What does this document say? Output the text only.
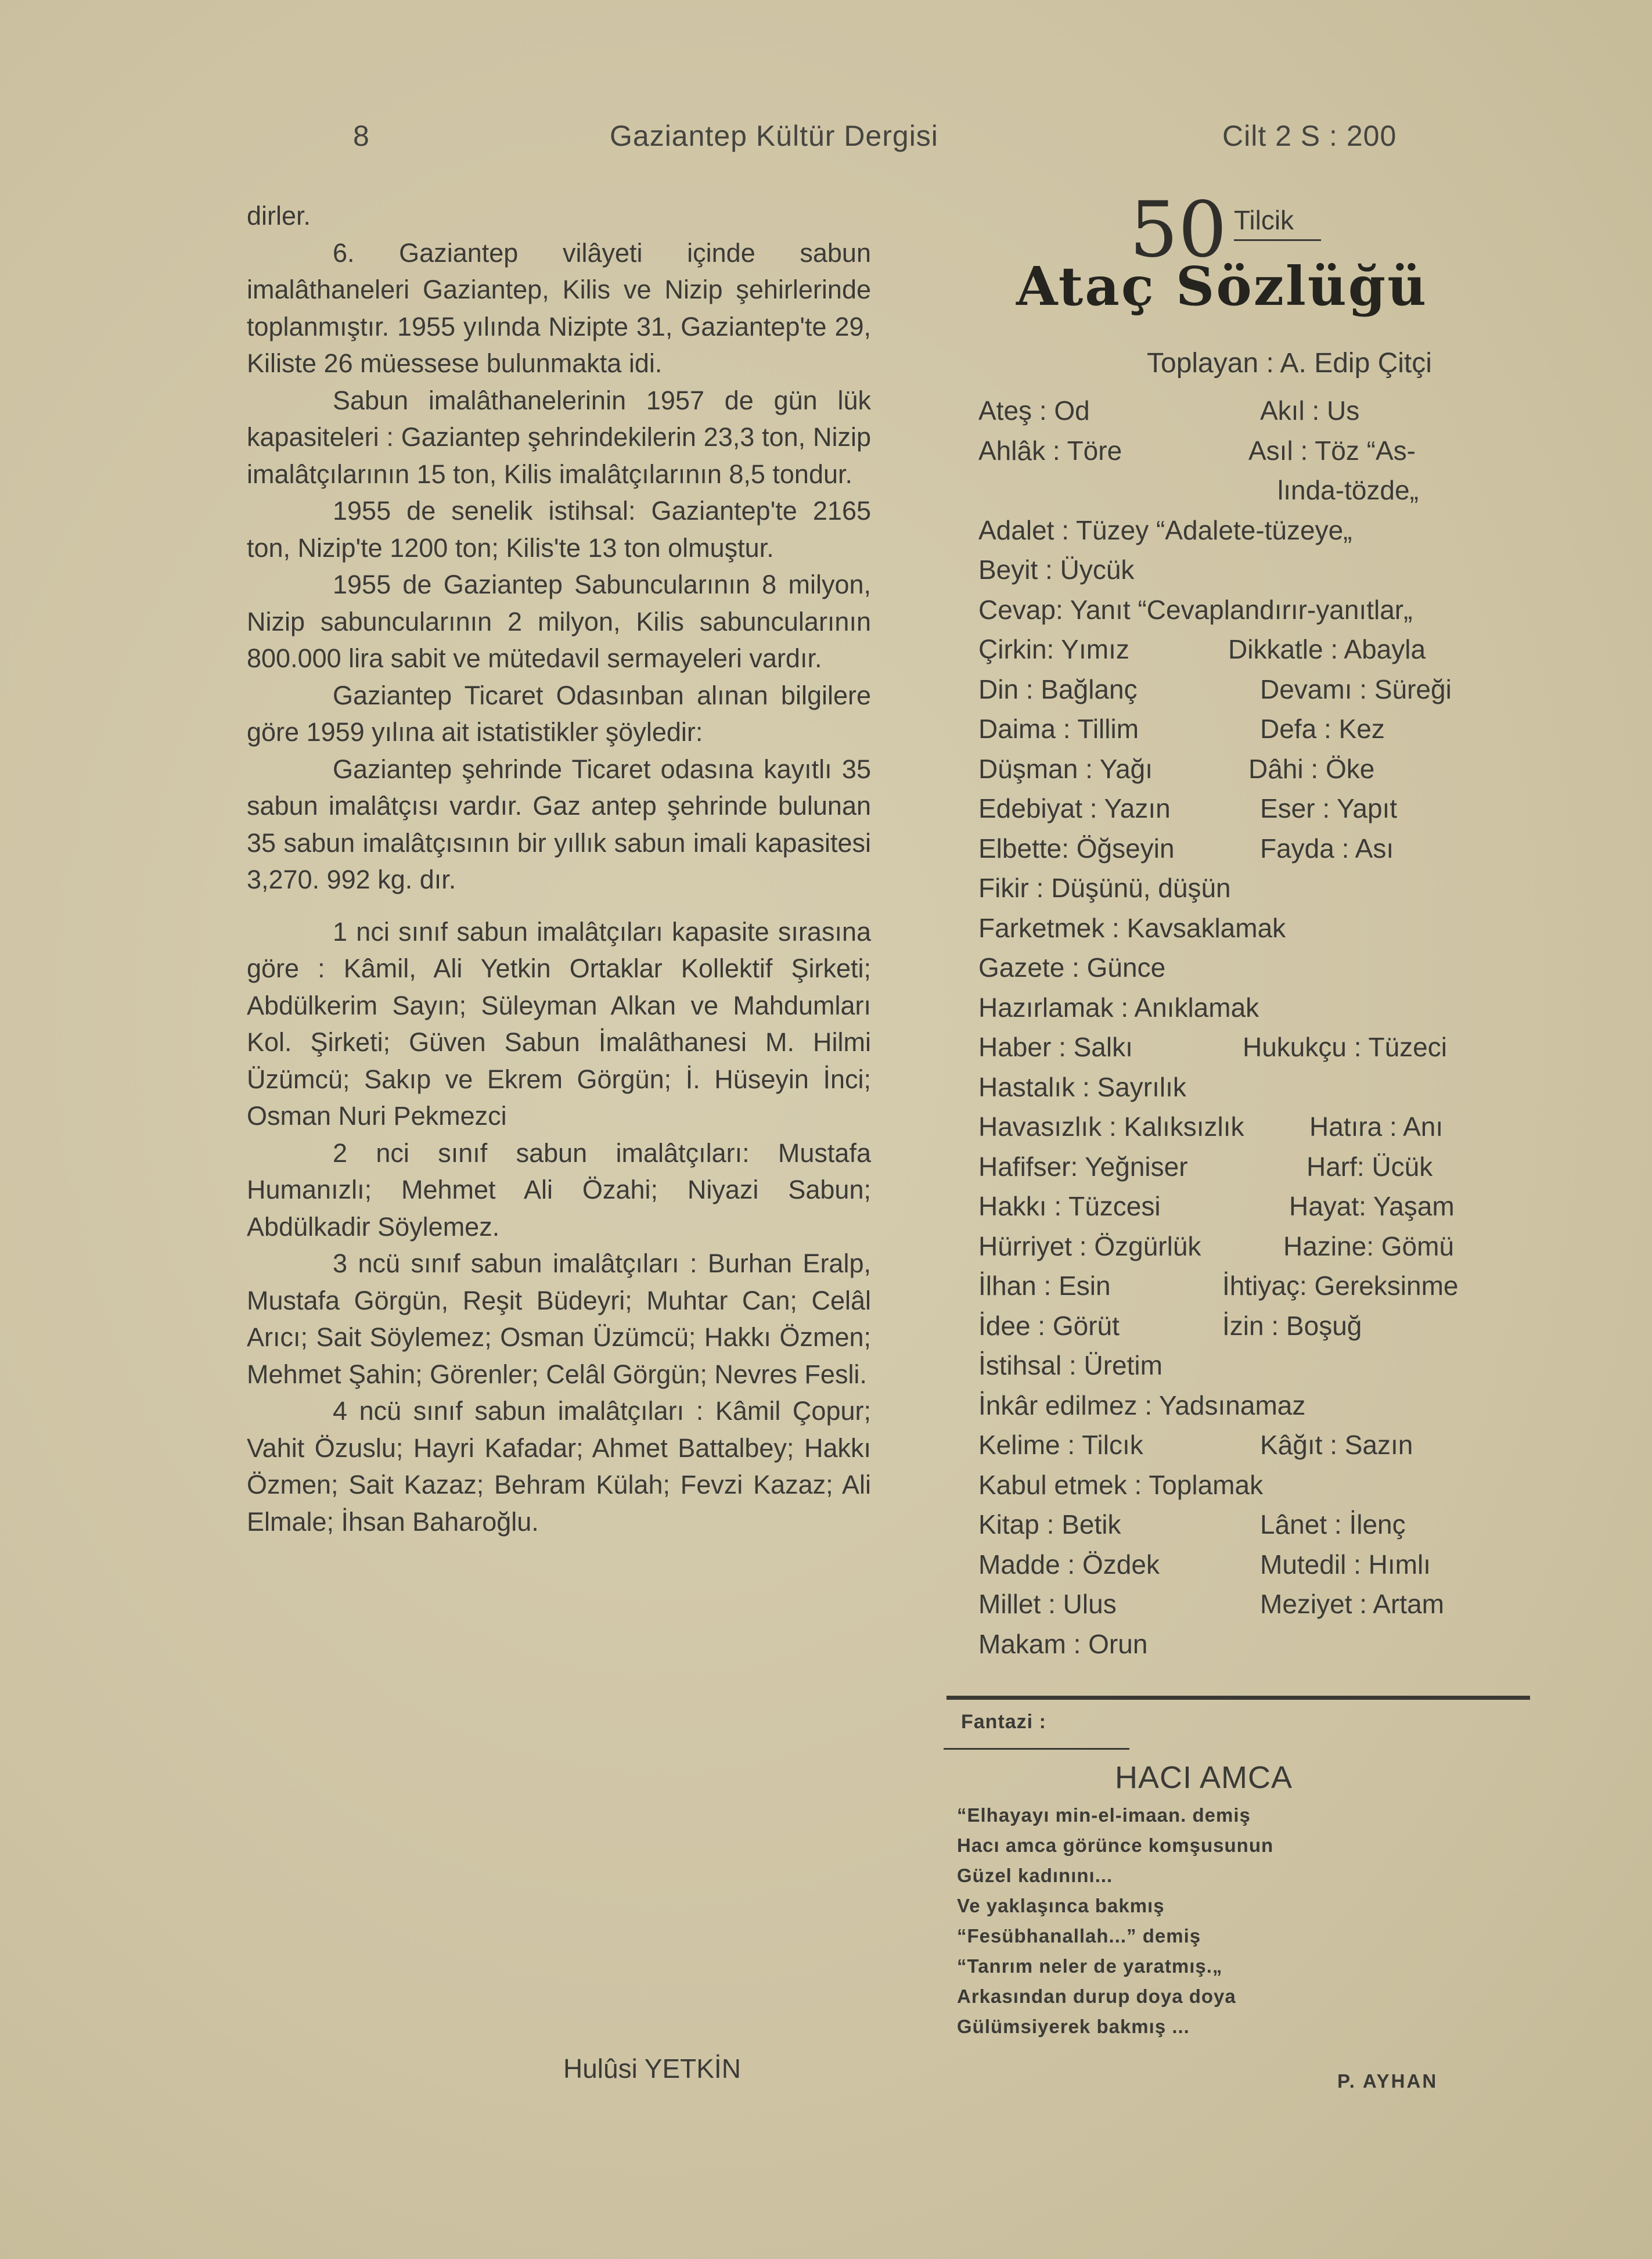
8	Gaziantep Kültür Dergisi	Cilt 2 S : 200

dirler.

6. Gaziantep vilâyeti içinde sabun imalâthaneleri Gaziantep, Kilis ve Nizip şehirlerinde toplanmıştır. 1955 yılında Nizipte 31, Gaziantep'te 29, Kiliste 26 müessese bulunmakta idi.

Sabun imalâthanelerinin 1957 de gün lük kapasiteleri : Gaziantep şehrindekilerin 23,3 ton, Nizip imalâtçılarının 15 ton, Kilis imalâtçılarının 8,5 tondur.

1955 de senelik istihsal: Gaziantep'te 2165 ton, Nizip'te 1200 ton; Kilis'te 13 ton olmuştur.

1955 de Gaziantep Sabuncularının 8 milyon, Nizip sabuncularının 2 milyon, Kilis sabuncularının 800.000 lira sabit ve mütedavil sermayeleri vardır.

Gaziantep Ticaret Odasınban alınan bilgilere göre 1959 yılına ait istatistikler şöyledir:

Gaziantep şehrinde Ticaret odasına kayıtlı 35 sabun imalâtçısı vardır. Gaz antep şehrinde bulunan 35 sabun imalâtçısının bir yıllık sabun imali kapasitesi 3,270. 992 kg. dır.

1 nci sınıf sabun imalâtçıları kapasite sırasına göre : Kâmil, Ali Yetkin Ortaklar Kollektif Şirketi; Abdülkerim Sayın; Süleyman Alkan ve Mahdumları Kol. Şirketi; Güven Sabun İmalâthanesi M. Hilmi Üzümcü; Sakıp ve Ekrem Görgün; İ. Hüseyin İnci; Osman Nuri Pekmezci

2 nci sınıf sabun imalâtçıları: Mustafa Humanızlı; Mehmet Ali Özahi; Niyazi Sabun; Abdülkadir Söylemez.

3 ncü sınıf sabun imalâtçıları : Burhan Eralp, Mustafa Görgün, Reşit Büdeyri; Muhtar Can; Celâl Arıcı; Sait Söylemez; Osman Üzümcü; Hakkı Özmen; Mehmet Şahin; Görenler; Celâl Görgün; Nevres Fesli.

4 ncü sınıf sabun imalâtçıları : Kâmil Çopur; Vahit Özuslu; Hayri Kafadar; Ahmet Battalbey; Hakkı Özmen; Sait Kazaz; Behram Külah; Fevzi Kazaz; Ali Elmale; İhsan Baharoğlu.

Hulûsi YETKİN
50 Tilcik
Ataç Sözlüğü
Toplayan : A. Edip Çitçi
Ateş : Od	Akıl : Us
Ahlâk : Töre	Asıl : Töz “As-
lında-tözde„
Adalet : Tüzey “Adalete-tüzeye„
Beyit : Üycük
Cevap: Yanıt “Cevaplandırır-yanıtlar„
Çirkin: Yımız	Dikkatle : Abayla
Din : Bağlanç	Devamı : Süreği
Daima : Tillim	Defa : Kez
Düşman : Yağı	Dâhi : Öke
Edebiyat : Yazın	Eser : Yapıt
Elbette: Öğseyin	Fayda : Ası
Fikir : Düşünü, düşün
Farketmek : Kavsaklamak
Gazete : Günce
Hazırlamak : Anıklamak
Haber : Salkı	Hukukçu : Tüzeci
Hastalık : Sayrılık
Havasızlık : Kalıksızlık Hatıra : Anı
Hafifser: Yeğniser	Harf: Ücük
Hakkı : Tüzcesi	Hayat: Yaşam
Hürriyet : Özgürlük	Hazine: Gömü
İlhan : Esin	İhtiyaç: Gereksinme
İdee : Görüt	İzin : Boşuğ
İstihsal : Üretim
İnkâr edilmez : Yadsınamaz
Kelime : Tilcık	Kâğıt : Sazın
Kabul etmek : Toplamak
Kitap : Betik	Lânet : İlenç
Madde : Özdek	Mutedil : Hımlı
Millet : Ulus	Meziyet : Artam
Makam : Orun
Fantazi :
HACI AMCA
“Elhayayı min-el-imaan. demiş
Hacı amca görünce komşusunun
Güzel kadınını...
Ve yaklaşınca bakmış
“Fesübhanallah...” demiş
“Tanrım neler de yaratmış.„
Arkasından durup doya doya
Gülümsiyerek bakmış ...
P. AYHAN
